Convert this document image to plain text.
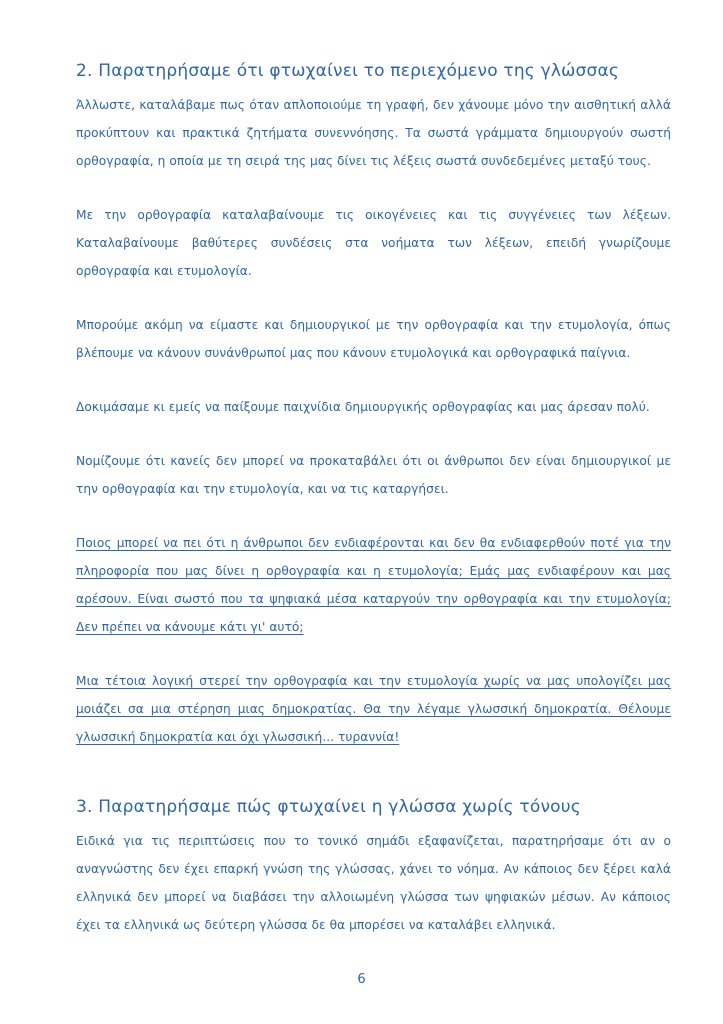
2. Παρατηρήσαμε ότι φτωχαίνει το περιεχόμενο της γλώσσας

Άλλωστε, καταλάβαμε πως όταν απλοποιούμε τη γραφή, δεν χάνουμε μόνο την αισθητική αλλά προκύπτουν και πρακτικά ζητήματα συνεννόησης. Τα σωστά γράμματα δημιουργούν σωστή ορθογραφία, η οποία με τη σειρά της μας δίνει τις λέξεις σωστά συνδεδεμένες μεταξύ τους.

Με την ορθογραφία καταλαβαίνουμε τις οικογένειες και τις συγγένειες των λέξεων. Καταλαβαίνουμε βαθύτερες συνδέσεις στα νοήματα των λέξεων, επειδή γνωρίζουμε ορθογραφία και ετυμολογία.

Μπορούμε ακόμη να είμαστε και δημιουργικοί με την ορθογραφία και την ετυμολογία, όπως βλέπουμε να κάνουν συνάνθρωποί μας που κάνουν ετυμολογικά και ορθογραφικά παίγνια.

Δοκιμάσαμε κι εμείς να παίξουμε παιχνίδια δημιουργικής ορθογραφίας και μας άρεσαν πολύ.

Νομίζουμε ότι κανείς δεν μπορεί να προκαταβάλει ότι οι άνθρωποι δεν είναι δημιουργικοί με την ορθογραφία και την ετυμολογία, και να τις καταργήσει.

Ποιος μπορεί να πει ότι η άνθρωποι δεν ενδιαφέρονται και δεν θα ενδιαφερθούν ποτέ για την πληροφορία που μας δίνει η ορθογραφία και η ετυμολογία; Εμάς μας ενδιαφέρουν και μας αρέσουν. Είναι σωστό που τα ψηφιακά μέσα καταργούν την ορθογραφία και την ετυμολογία; Δεν πρέπει να κάνουμε κάτι γι' αυτό;

Μια τέτοια λογική στερεί την ορθογραφία και την ετυμολογία χωρίς να μας υπολογίζει μας μοιάζει σα μια στέρηση μιας δημοκρατίας. Θα την λέγαμε γλωσσική δημοκρατία. Θέλουμε γλωσσική δημοκρατία και όχι γλωσσική... τυραννία!

3. Παρατηρήσαμε πώς φτωχαίνει η γλώσσα χωρίς τόνους

Ειδικά για τις περιπτώσεις που το τονικό σημάδι εξαφανίζεται, παρατηρήσαμε ότι αν ο αναγνώστης δεν έχει επαρκή γνώση της γλώσσας, χάνει το νόημα. Αν κάποιος δεν ξέρει καλά ελληνικά δεν μπορεί να διαβάσει την αλλοιωμένη γλώσσα των ψηφιακών μέσων. Αν κάποιος έχει τα ελληνικά ως δεύτερη γλώσσα δε θα μπορέσει να καταλάβει ελληνικά.

6
